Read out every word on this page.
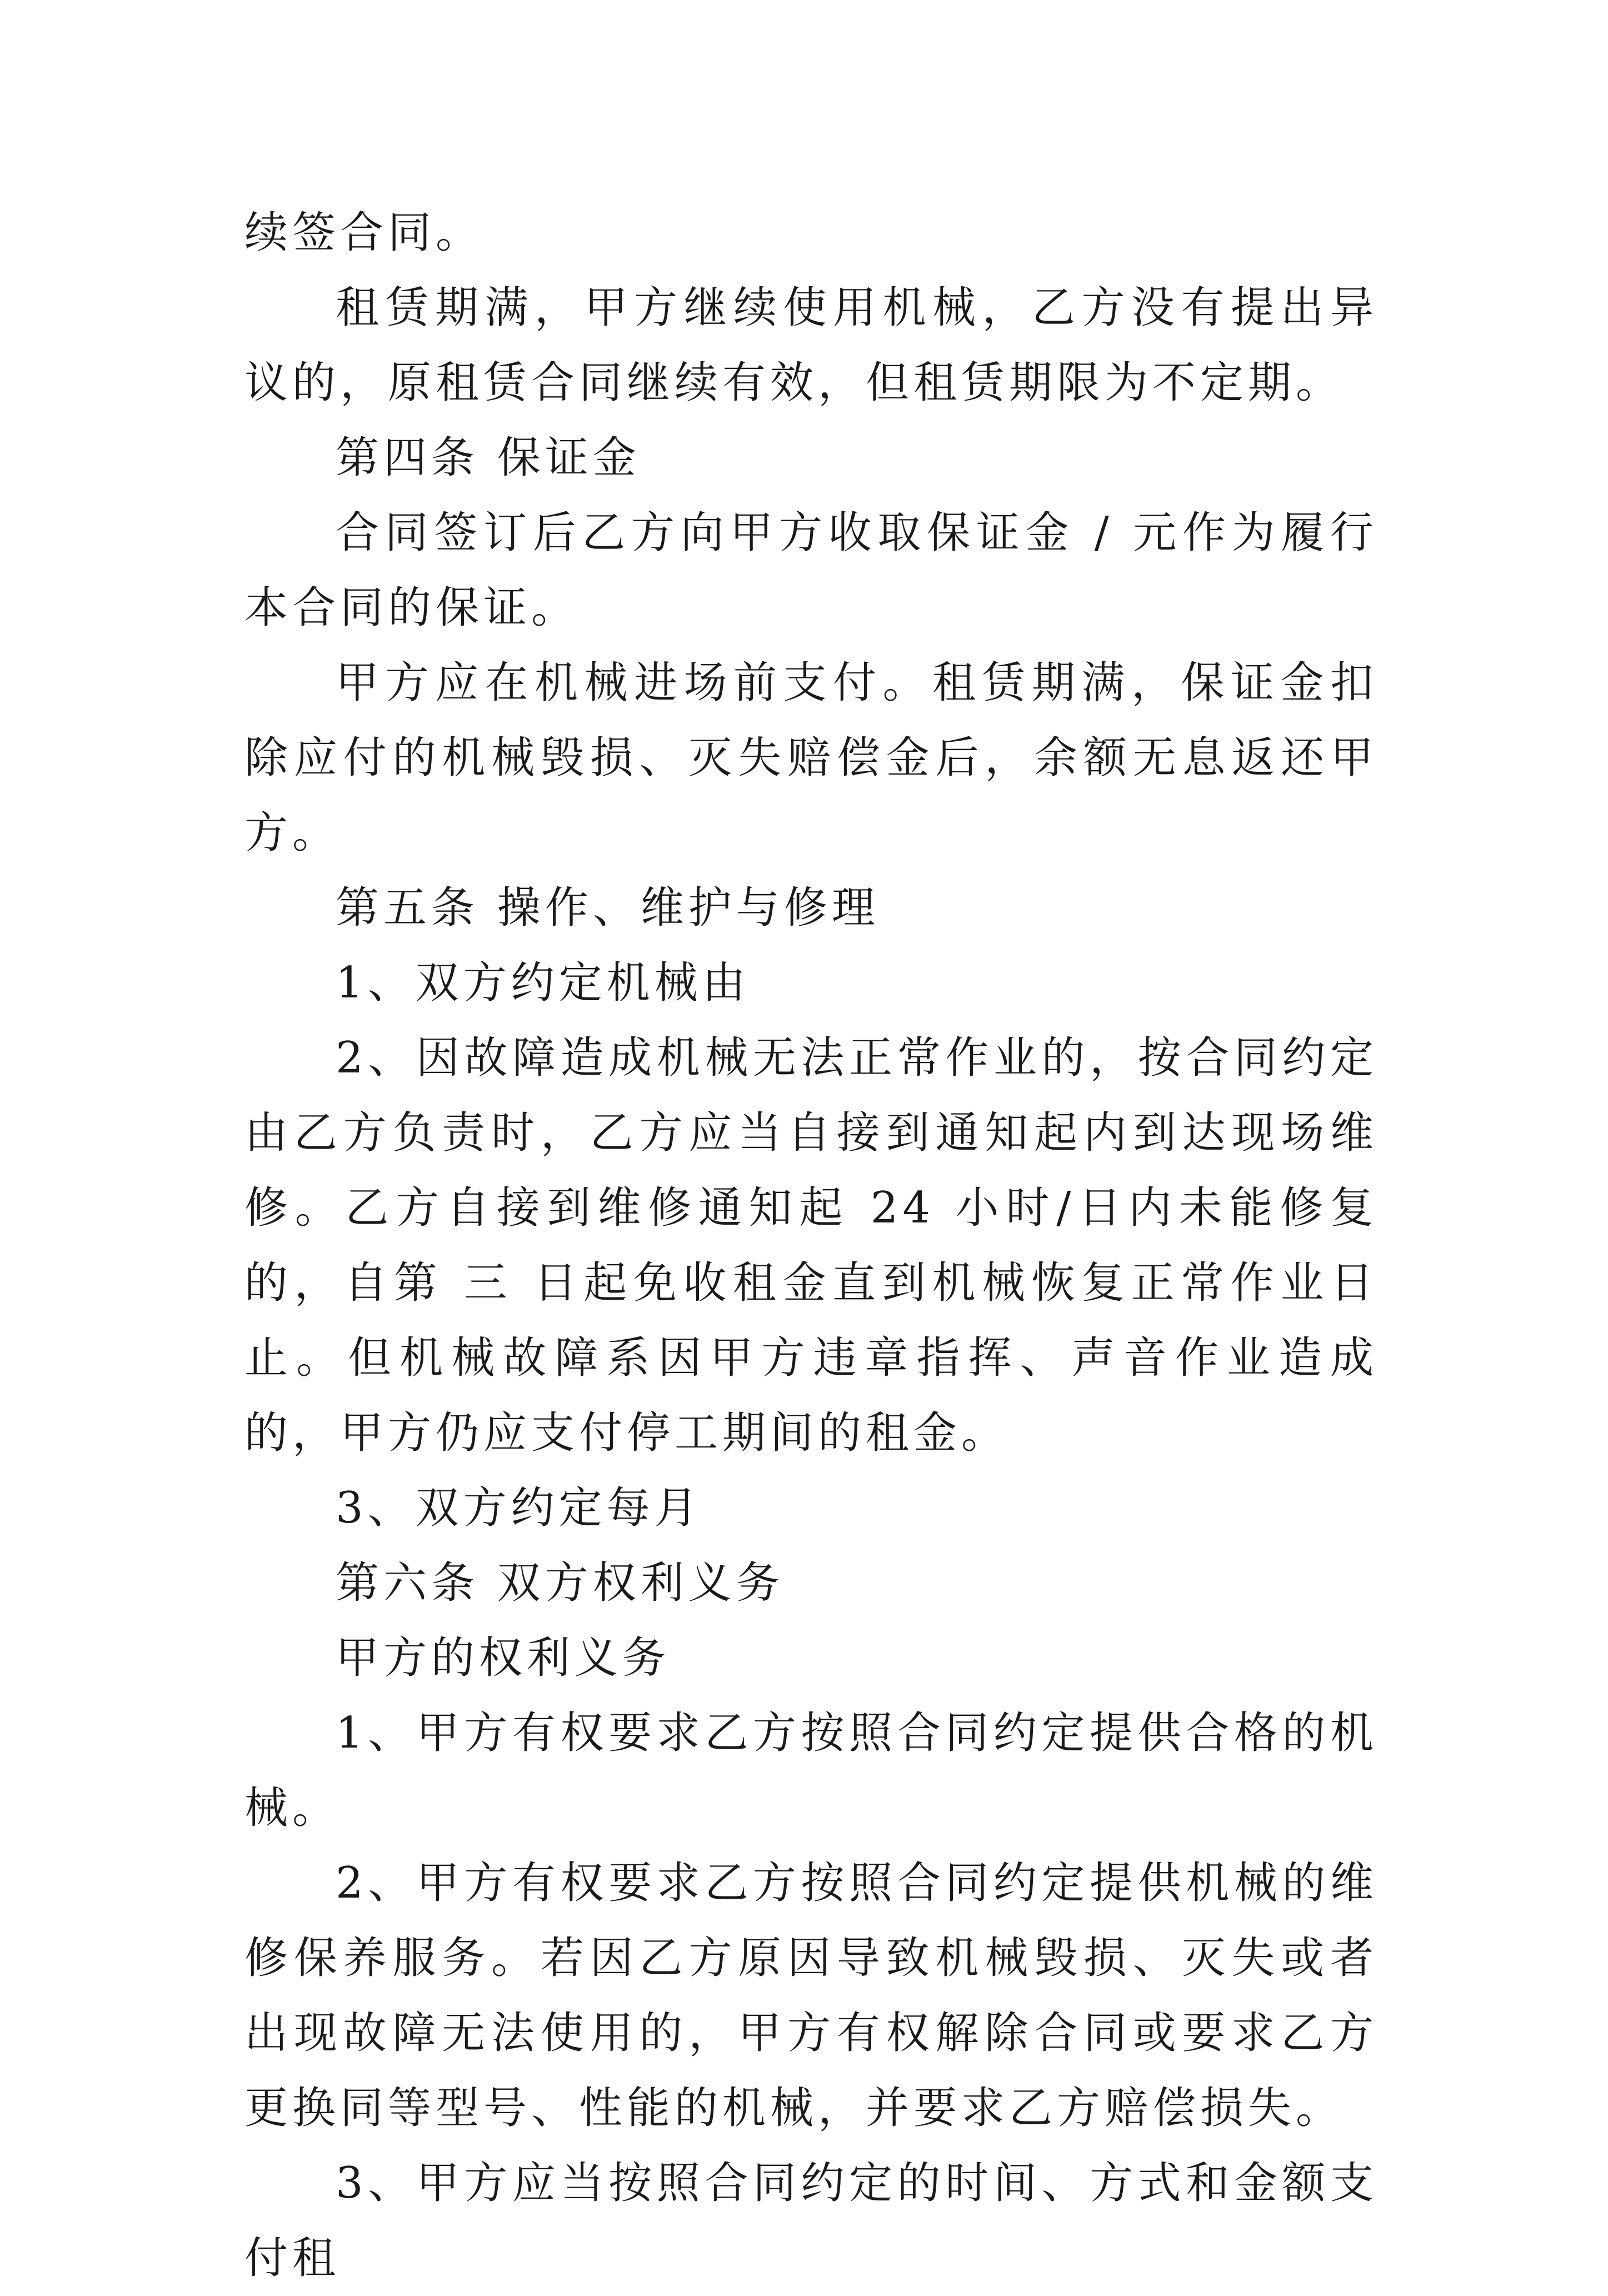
续签合同。

租赁期满，甲方继续使用机械，乙方没有提出异议的，原租赁合同继续有效，但租赁期限为不定期。

第四条 保证金

合同签订后乙方向甲方收取保证金 / 元作为履行本合同的保证。

甲方应在机械进场前支付。租赁期满，保证金扣除应付的机械毁损、灭失赔偿金后，余额无息返还甲方。

第五条 操作、维护与修理

1、双方约定机械由

2、因故障造成机械无法正常作业的，按合同约定由乙方负责时，乙方应当自接到通知起内到达现场维修。乙方自接到维修通知起 24 小时/日内未能修复的，自第 三 日起免收租金直到机械恢复正常作业日止。但机械故障系因甲方违章指挥、声音作业造成的，甲方仍应支付停工期间的租金。

3、双方约定每月

第六条 双方权利义务

甲方的权利义务

1、甲方有权要求乙方按照合同约定提供合格的机械。

2、甲方有权要求乙方按照合同约定提供机械的维修保养服务。若因乙方原因导致机械毁损、灭失或者出现故障无法使用的，甲方有权解除合同或要求乙方更换同等型号、性能的机械，并要求乙方赔偿损失。

3、甲方应当按照合同约定的时间、方式和金额支付租
